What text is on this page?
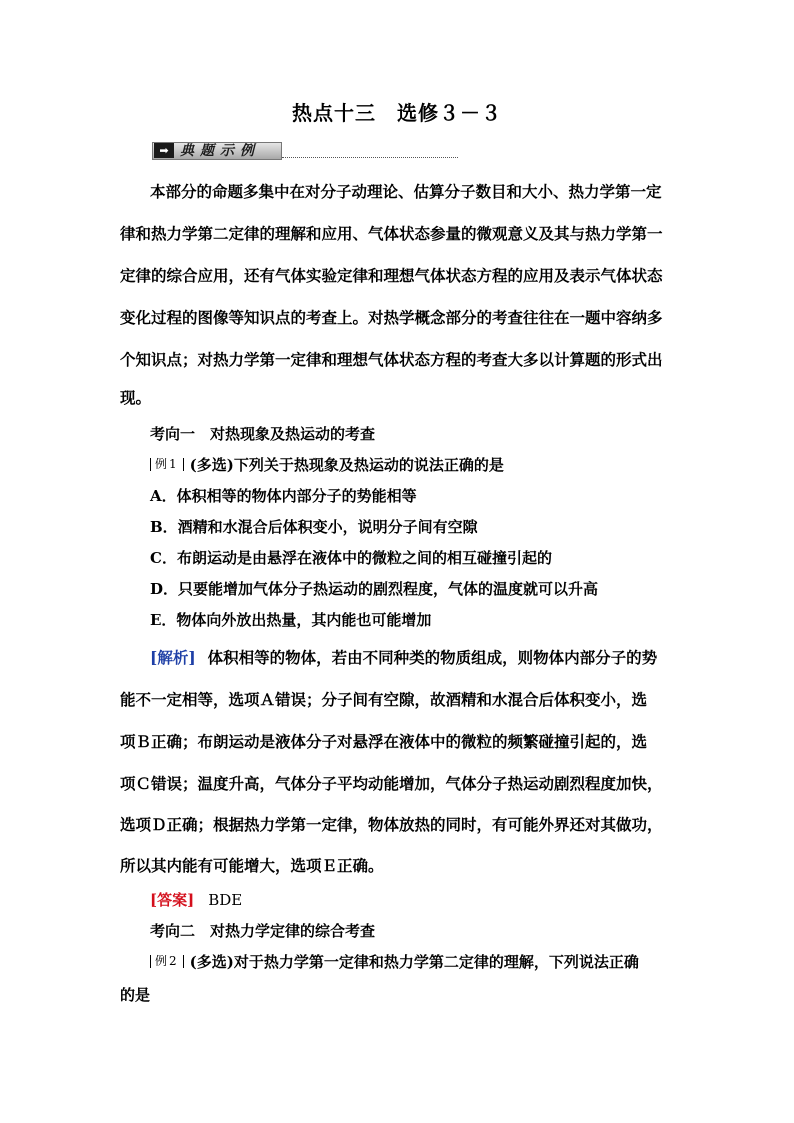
热点十三　选修３－３
➡ 典题示例
本部分的命题多集中在对分子动理论、估算分子数目和大小、热力学第一定
律和热力学第二定律的理解和应用、气体状态参量的微观意义及其与热力学第一
定律的综合应用，还有气体实验定律和理想气体状态方程的应用及表示气体状态
变化过程的图像等知识点的考查上。对热学概念部分的考查往往在一题中容纳多
个知识点；对热力学第一定律和理想气体状态方程的考查大多以计算题的形式出
现。
考向一　对热现象及热运动的考查
例1 (多选)下列关于热现象及热运动的说法正确的是
A．体积相等的物体内部分子的势能相等
B．酒精和水混合后体积变小，说明分子间有空隙
C．布朗运动是由悬浮在液体中的微粒之间的相互碰撞引起的
D．只要能增加气体分子热运动的剧烈程度，气体的温度就可以升高
E．物体向外放出热量，其内能也可能增加
[解析] 体积相等的物体，若由不同种类的物质组成，则物体内部分子的势
能不一定相等，选项Ａ错误；分子间有空隙，故酒精和水混合后体积变小，选
项Ｂ正确；布朗运动是液体分子对悬浮在液体中的微粒的频繁碰撞引起的，选
项Ｃ错误；温度升高，气体分子平均动能增加，气体分子热运动剧烈程度加快，
选项Ｄ正确；根据热力学第一定律，物体放热的同时，有可能外界还对其做功，
所以其内能有可能增大，选项Ｅ正确。
[答案] BDE
考向二　对热力学定律的综合考查
例2 (多选)对于热力学第一定律和热力学第二定律的理解，下列说法正确
的是
